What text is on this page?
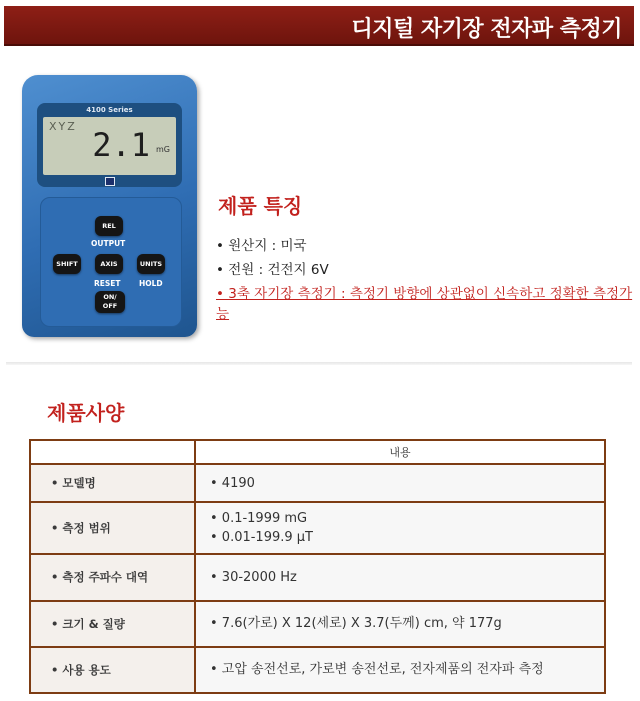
디지털 자기장 전자파 측정기
4100 Series
XYZ 2.1 mG
REL
OUTPUT
SHIFT	AXIS	UNITS
RESET HOLD
ON/
OFF
제품 특징
• 원산지 : 미국
• 전원 : 건전지 6V
• 3축 자기장 측정기 : 측정기 방향에 상관없이 신속하고 정확한 측정가능
제품사양
	내용
• 모델명	• 4190

• 측정 범위	• 0.1-1999 mG
• 0.01-199.9 μT

• 측정 주파수 대역	• 30-2000 Hz

• 크기 & 질량	• 7.6(가로) X 12(세로) X 3.7(두께) cm, 약 177g

• 사용 용도	• 고압 송전선로, 가로변 송전선로, 전자제품의 전자파 측정
